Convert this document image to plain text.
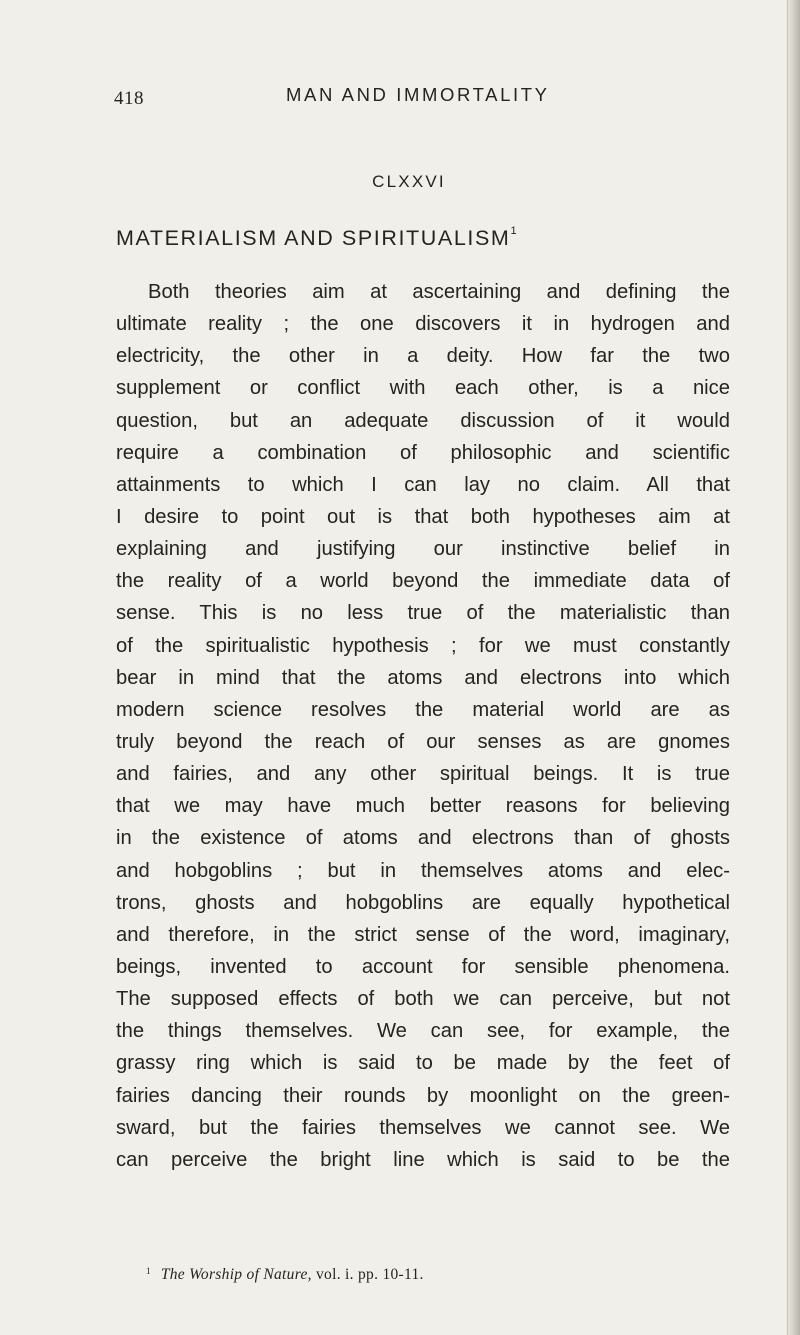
418	MAN AND IMMORTALITY
CLXXVI
MATERIALISM AND SPIRITUALISM$^1$
Both theories aim at ascertaining and defining the
ultimate reality ; the one discovers it in hydrogen and
electricity, the other in a deity. How far the two
supplement or conflict with each other, is a nice
question, but an adequate discussion of it would
require a combination of philosophic and scientific
attainments to which I can lay no claim. All that
I desire to point out is that both hypotheses aim at
explaining and justifying our instinctive belief in
the reality of a world beyond the immediate data of
sense. This is no less true of the materialistic than
of the spiritualistic hypothesis ; for we must constantly
bear in mind that the atoms and electrons into which
modern science resolves the material world are as
truly beyond the reach of our senses as are gnomes
and fairies, and any other spiritual beings. It is true
that we may have much better reasons for believing
in the existence of atoms and electrons than of ghosts
and hobgoblins ; but in themselves atoms and elec-
trons, ghosts and hobgoblins are equally hypothetical
and therefore, in the strict sense of the word, imaginary,
beings, invented to account for sensible phenomena.
The supposed effects of both we can perceive, but not
the things themselves. We can see, for example, the
grassy ring which is said to be made by the feet of
fairies dancing their rounds by moonlight on the green-
sward, but the fairies themselves we cannot see. We
can perceive the bright line which is said to be the
$^1$ The Worship of Nature, vol. i. pp. 10-11.
